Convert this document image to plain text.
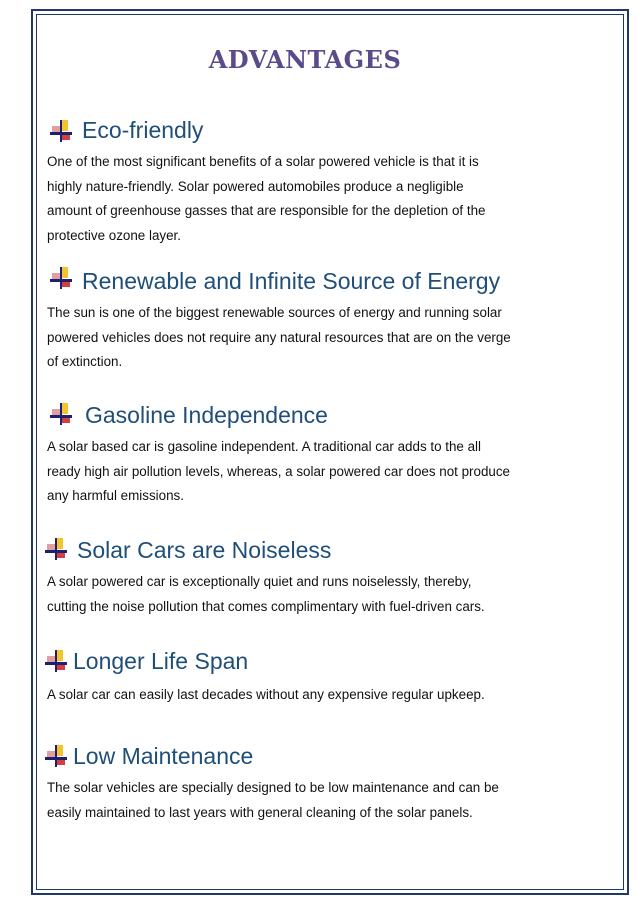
ADVANTAGES
Eco-friendly
One of the most significant benefits of a solar powered vehicle is that it is
highly nature-friendly. Solar powered automobiles produce a negligible
amount of greenhouse gasses that are responsible for the depletion of the
protective ozone layer.
Renewable and Infinite Source of Energy
The sun is one of the biggest renewable sources of energy and running solar
powered vehicles does not require any natural resources that are on the verge
of extinction.
Gasoline Independence
A solar based car is gasoline independent. A traditional car adds to the all
ready high air pollution levels, whereas, a solar powered car does not produce
any harmful emissions.
Solar Cars are Noiseless
A solar powered car is exceptionally quiet and runs noiselessly, thereby,
cutting the noise pollution that comes complimentary with fuel-driven cars.
Longer Life Span
A solar car can easily last decades without any expensive regular upkeep.
Low Maintenance
The solar vehicles are specially designed to be low maintenance and can be
easily maintained to last years with general cleaning of the solar panels.
